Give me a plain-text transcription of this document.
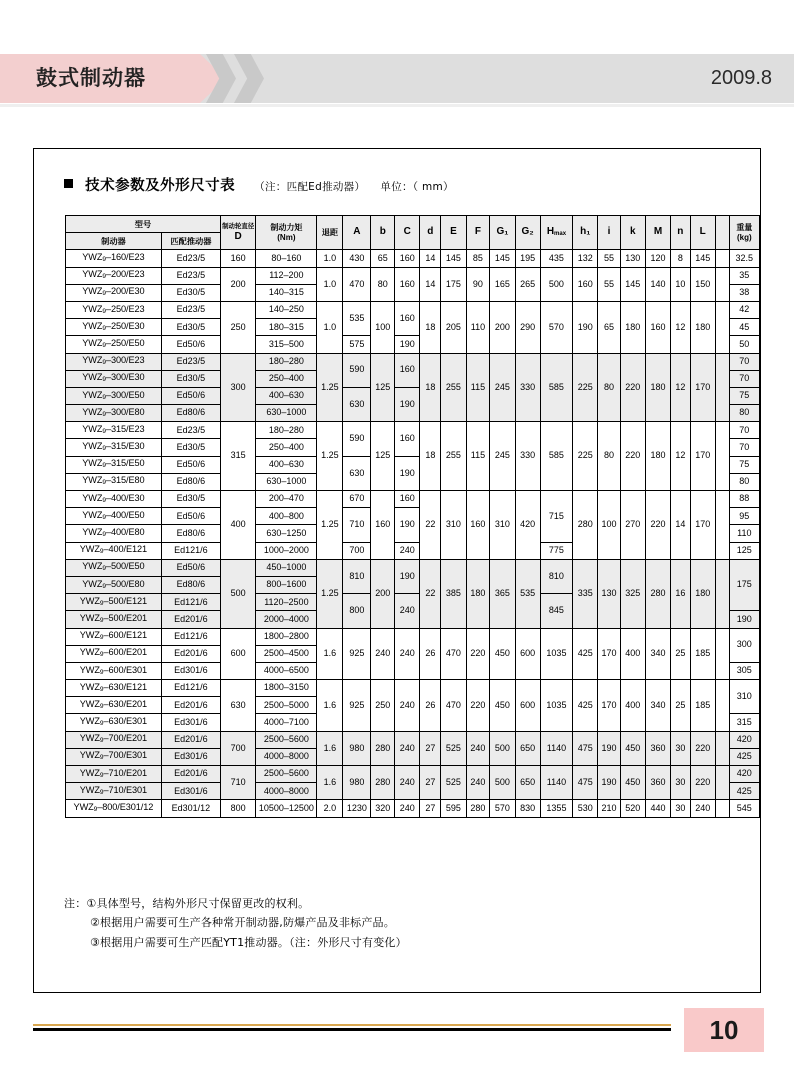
鼓式制动器	2009.8
技术参数及外形尺寸表 （注：匹配Ed推动器） 单位：（ mm）
型号		制动轮直径
D	制动力矩
(Nm)	退距	A	b	C	d	E	F	G₁	G₂	Hmax	h₁	i	k	M	n	L		重量
(kg)
制动器	匹配推动器																				
YWZ9–160/E23	Ed23/5	160	80–160	1.0	430	65	160	14	145	85	145	195	435	132	55	130	120	8	145		32.5
YWZ9–200/E23	Ed23/5	200	112–200	1.0	470	80	160	14	175	90	165	265	500	160	55	145	140	10	150		35
YWZ9–200/E30	Ed30/5		140–315																		38
YWZ9–250/E23	Ed23/5	250	140–250	1.0	535	100	160	18	205	110	200	290	570	190	65	180	160	12	180		42
YWZ9–250/E30	Ed30/5		180–315																		45
YWZ9–250/E50	Ed50/6		315–500		575		190														50
YWZ9–300/E23	Ed23/5	300	180–280	1.25	590	125	160	18	255	115	245	330	585	225	80	220	180	12	170		70
YWZ9–300/E30	Ed30/5		250–400																		70
YWZ9–300/E50	Ed50/6		400–630		630		190														75
YWZ9–300/E80	Ed80/6		630–1000																		80
YWZ9–315/E23	Ed23/5	315	180–280	1.25	590	125	160	18	255	115	245	330	585	225	80	220	180	12	170		70
YWZ9–315/E30	Ed30/5		250–400																		70
YWZ9–315/E50	Ed50/6		400–630		630		190														75
YWZ9–315/E80	Ed80/6		630–1000																		80
YWZ9–400/E30	Ed30/5	400	200–470	1.25	670	160	160	22	310	160	310	420	715	280	100	270	220	14	170		88
YWZ9–400/E50	Ed50/6		400–800		710		190														95
YWZ9–400/E80	Ed80/6		630–1250																		110
YWZ9–400/E121	Ed121/6		1000–2000		700		240						775								125
YWZ9–500/E50	Ed50/6	500	450–1000	1.25	810	200	190	22	385	180	365	535	810	335	130	325	280	16	180		175
YWZ9–500/E80	Ed80/6		800–1600																		
YWZ9–500/E121	Ed121/6		1120–2500		800		240						845								
YWZ9–500/E201	Ed201/6		2000–4000																		190
YWZ9–600/E121	Ed121/6	600	1800–2800	1.6	925	240	240	26	470	220	450	600	1035	425	170	400	340	25	185		300
YWZ9–600/E201	Ed201/6		2500–4500																		
YWZ9–600/E301	Ed301/6		4000–6500																		305
YWZ9–630/E121	Ed121/6	630	1800–3150	1.6	925	250	240	26	470	220	450	600	1035	425	170	400	340	25	185		310
YWZ9–630/E201	Ed201/6		2500–5000																		
YWZ9–630/E301	Ed301/6		4000–7100																		315
YWZ9–700/E201	Ed201/6	700	2500–5600	1.6	980	280	240	27	525	240	500	650	1140	475	190	450	360	30	220		420
YWZ9–700/E301	Ed301/6		4000–8000																		425
YWZ9–710/E201	Ed201/6	710	2500–5600	1.6	980	280	240	27	525	240	500	650	1140	475	190	450	360	30	220		420
YWZ9–710/E301	Ed301/6		4000–8000																		425
YWZ9–800/E301/12	Ed301/12	800	10500–12500	2.0	1230	320	240	27	595	280	570	830	1355	530	210	520	440	30	240		545
注：①具体型号，结构外形尺寸保留更改的权利。
②根据用户需要可生产各种常开制动器,防爆产品及非标产品。
③根据用户需要可生产匹配YT1推动器。（注：外形尺寸有变化）
10
